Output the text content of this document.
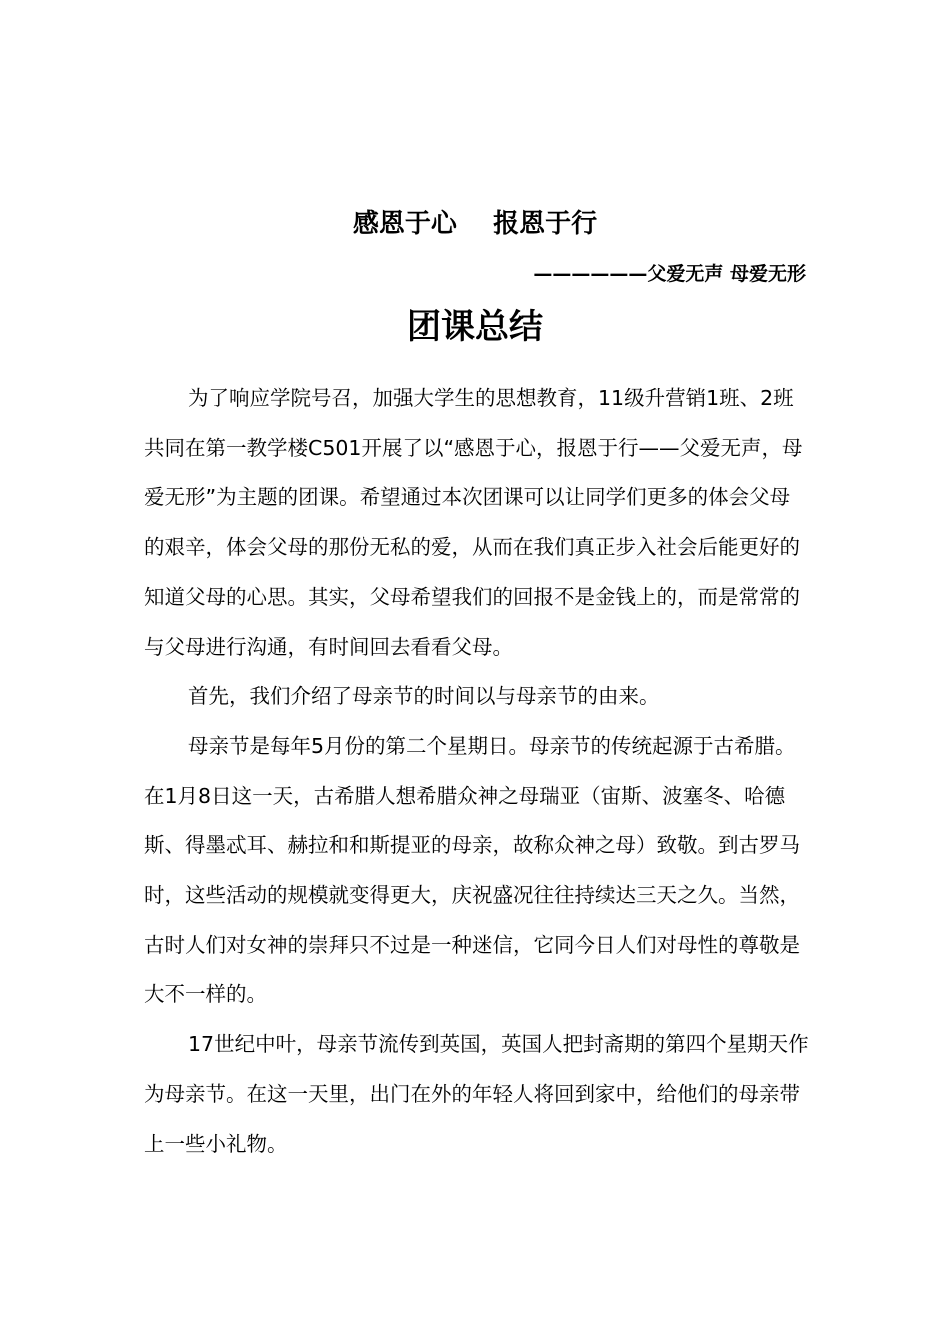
感恩于心    报恩于行
——————父爱无声 母爱无形
团课总结

为了响应学院号召，加强大学生的思想教育，11级升营销1班、2班共同在第一教学楼C501开展了以“感恩于心，报恩于行——父爱无声，母爱无形”为主题的团课。希望通过本次团课可以让同学们更多的体会父母的艰辛，体会父母的那份无私的爱，从而在我们真正步入社会后能更好的知道父母的心思。其实，父母希望我们的回报不是金钱上的，而是常常的与父母进行沟通，有时间回去看看父母。

首先，我们介绍了母亲节的时间以与母亲节的由来。

母亲节是每年5月份的第二个星期日。母亲节的传统起源于古希腊。在1月8日这一天，古希腊人想希腊众神之母瑞亚（宙斯、波塞冬、哈德斯、得墨忒耳、赫拉和和斯提亚的母亲，故称众神之母）致敬。到古罗马时，这些活动的规模就变得更大，庆祝盛况往往持续达三天之久。当然，古时人们对女神的崇拜只不过是一种迷信，它同今日人们对母性的尊敬是大不一样的。

17世纪中叶，母亲节流传到英国，英国人把封斋期的第四个星期天作为母亲节。在这一天里，出门在外的年轻人将回到家中，给他们的母亲带上一些小礼物。
